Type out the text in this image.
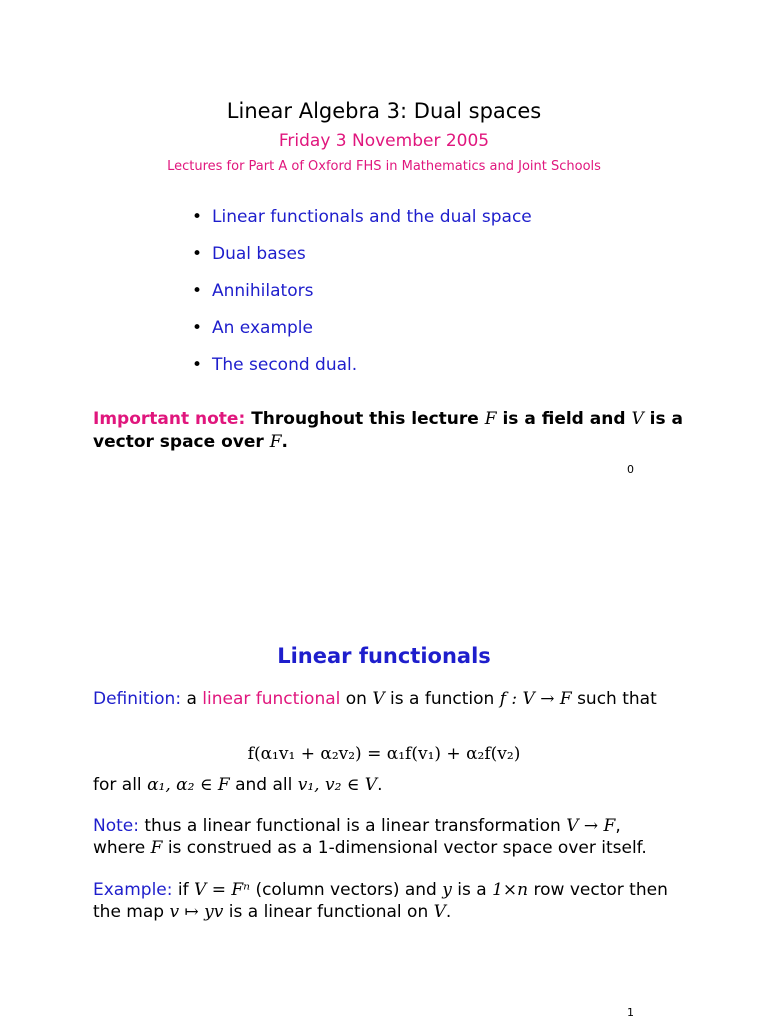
Linear Algebra 3: Dual spaces
Friday 3 November 2005
Lectures for Part A of Oxford FHS in Mathematics and Joint Schools
• Linear functionals and the dual space
• Dual bases
• Annihilators
• An example
• The second dual.
Important note: Throughout this lecture F is a field and V is a vector space over F.
0
Linear functionals
Definition: a linear functional on V is a function f : V → F such that
f(α₁v₁ + α₂v₂) = α₁f(v₁) + α₂f(v₂)
for all α₁, α₂ ∈ F and all v₁, v₂ ∈ V.
Note: thus a linear functional is a linear transformation V → F, where F is construed as a 1-dimensional vector space over itself.
Example: if V = Fⁿ (column vectors) and y is a 1×n row vector then the map v ↦ yv is a linear functional on V.
1
